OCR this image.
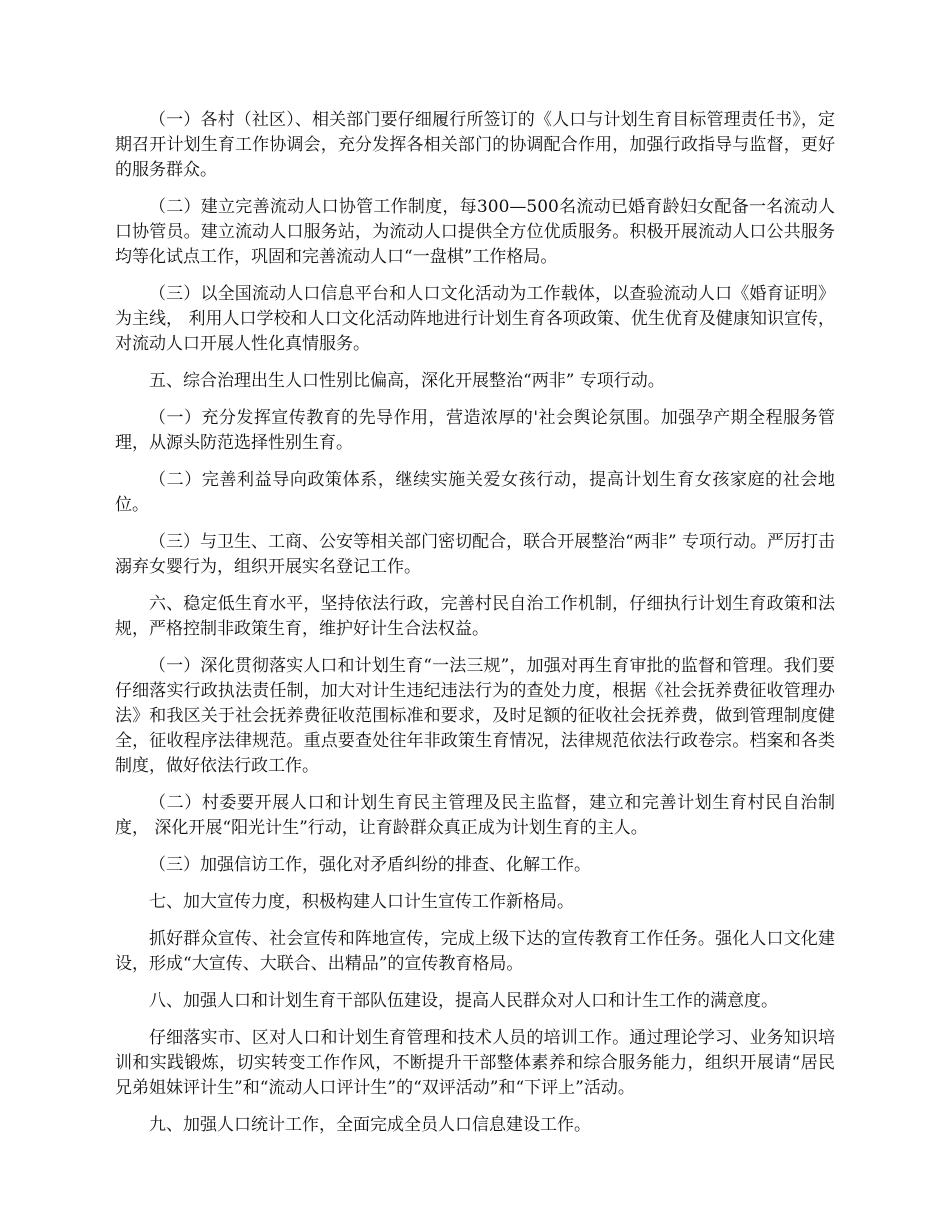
（一）各村（社区）、相关部门要仔细履行所签订的《人口与计划生育目标管理责任书》，定期召开计划生育工作协调会，充分发挥各相关部门的协调配合作用，加强行政指导与监督，更好的服务群众。

（二）建立完善流动人口协管工作制度，每300—500名流动已婚育龄妇女配备一名流动人口协管员。建立流动人口服务站，为流动人口提供全方位优质服务。积极开展流动人口公共服务均等化试点工作，巩固和完善流动人口“一盘棋”工作格局。

（三）以全国流动人口信息平台和人口文化活动为工作载体，以查验流动人口《婚育证明》为主线， 利用人口学校和人口文化活动阵地进行计划生育各项政策、优生优育及健康知识宣传，对流动人口开展人性化真情服务。

五、综合治理出生人口性别比偏高，深化开展整治“两非” 专项行动。

（一）充分发挥宣传教育的先导作用，营造浓厚的'社会舆论氛围。加强孕产期全程服务管理，从源头防范选择性别生育。

（二）完善利益导向政策体系，继续实施关爱女孩行动，提高计划生育女孩家庭的社会地位。

（三）与卫生、工商、公安等相关部门密切配合，联合开展整治“两非” 专项行动。严厉打击溺弃女婴行为，组织开展实名登记工作。

六、稳定低生育水平，坚持依法行政，完善村民自治工作机制，仔细执行计划生育政策和法规，严格控制非政策生育，维护好计生合法权益。

（一）深化贯彻落实人口和计划生育“一法三规”，加强对再生育审批的监督和管理。我们要仔细落实行政执法责任制，加大对计生违纪违法行为的查处力度，根据《社会抚养费征收管理办法》和我区关于社会抚养费征收范围标准和要求，及时足额的征收社会抚养费，做到管理制度健全，征收程序法律规范。重点要查处往年非政策生育情况，法律规范依法行政卷宗。档案和各类制度，做好依法行政工作。

（二）村委要开展人口和计划生育民主管理及民主监督，建立和完善计划生育村民自治制度， 深化开展“阳光计生”行动，让育龄群众真正成为计划生育的主人。

（三）加强信访工作，强化对矛盾纠纷的排查、化解工作。

七、加大宣传力度，积极构建人口计生宣传工作新格局。

抓好群众宣传、社会宣传和阵地宣传，完成上级下达的宣传教育工作任务。强化人口文化建设，形成“大宣传、大联合、出精品”的宣传教育格局。

八、加强人口和计划生育干部队伍建设，提高人民群众对人口和计生工作的满意度。

仔细落实市、区对人口和计划生育管理和技术人员的培训工作。通过理论学习、业务知识培训和实践锻炼，切实转变工作作风，不断提升干部整体素养和综合服务能力，组织开展请“居民兄弟姐妹评计生”和“流动人口评计生”的“双评活动”和“下评上”活动。

九、加强人口统计工作，全面完成全员人口信息建设工作。
